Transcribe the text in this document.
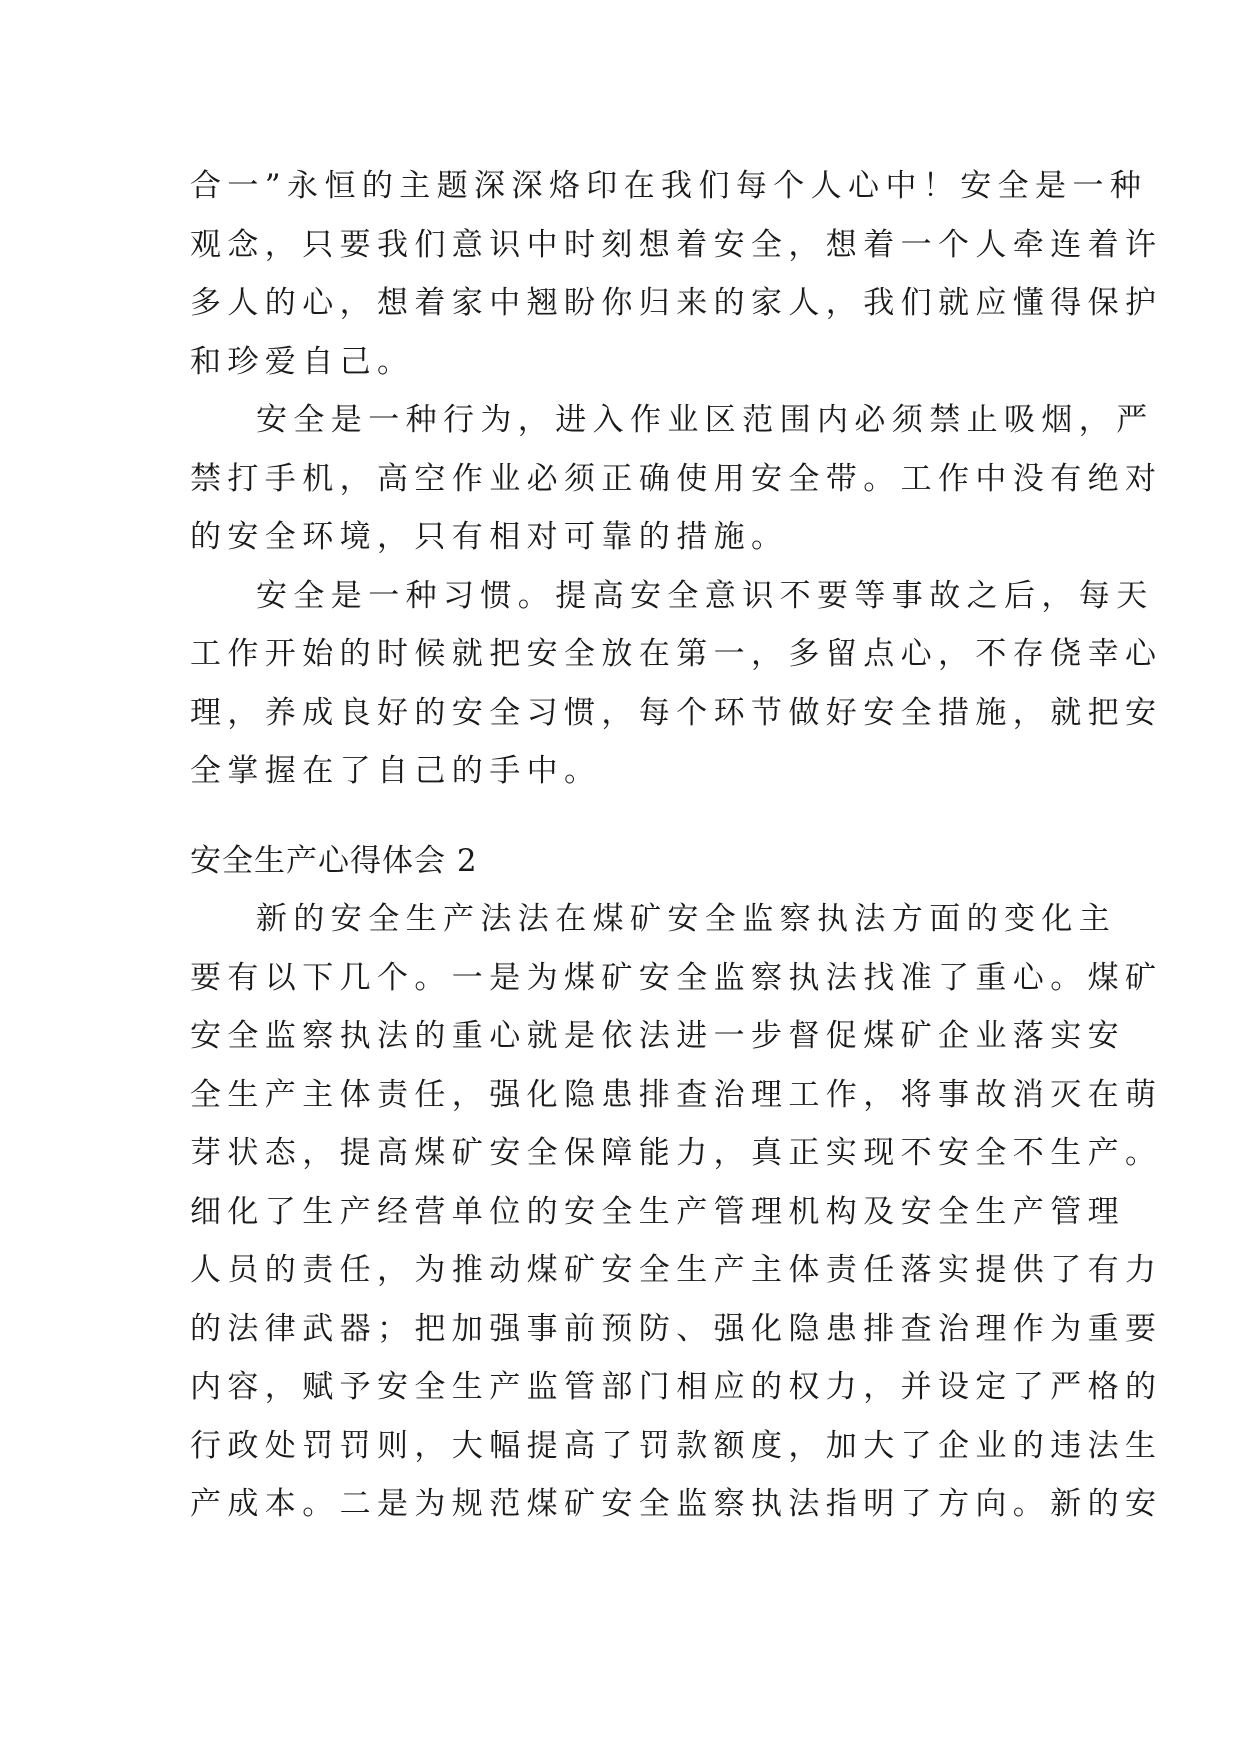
合一”永恒的主题深深烙印在我们每个人心中！安全是一种
观念，只要我们意识中时刻想着安全，想着一个人牵连着许
多人的心，想着家中翘盼你归来的家人，我们就应懂得保护
和珍爱自己。
安全是一种行为，进入作业区范围内必须禁止吸烟，严
禁打手机，高空作业必须正确使用安全带。工作中没有绝对
的安全环境，只有相对可靠的措施。
安全是一种习惯。提高安全意识不要等事故之后，每天
工作开始的时候就把安全放在第一，多留点心，不存侥幸心
理，养成良好的安全习惯，每个环节做好安全措施，就把安
全掌握在了自己的手中。
安全生产心得体会 2
新的安全生产法法在煤矿安全监察执法方面的变化主
要有以下几个。一是为煤矿安全监察执法找准了重心。煤矿
安全监察执法的重心就是依法进一步督促煤矿企业落实安
全生产主体责任，强化隐患排查治理工作，将事故消灭在萌
芽状态，提高煤矿安全保障能力，真正实现不安全不生产。
细化了生产经营单位的安全生产管理机构及安全生产管理
人员的责任，为推动煤矿安全生产主体责任落实提供了有力
的法律武器；把加强事前预防、强化隐患排查治理作为重要
内容，赋予安全生产监管部门相应的权力，并设定了严格的
行政处罚罚则，大幅提高了罚款额度，加大了企业的违法生
产成本。二是为规范煤矿安全监察执法指明了方向。新的安
